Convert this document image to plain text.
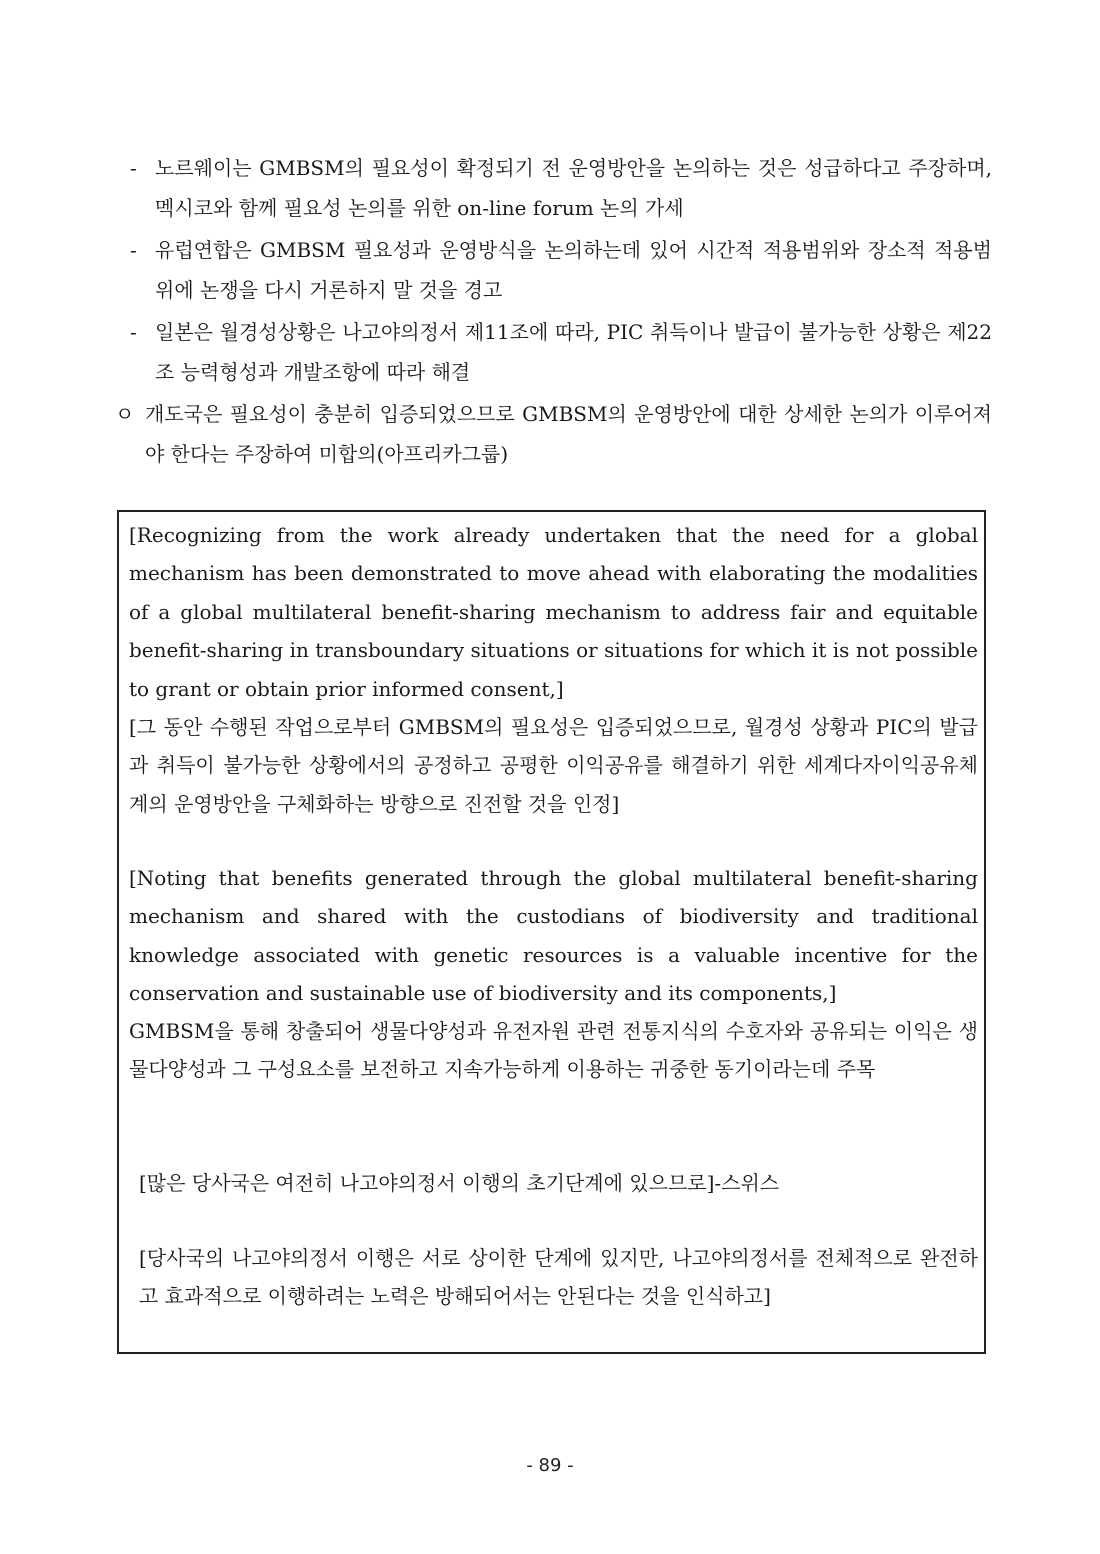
- 노르웨이는 GMBSM의 필요성이 확정되기 전 운영방안을 논의하는 것은 성급하다고 주장하며, 멕시코와 함께 필요성 논의를 위한 on-line forum 논의 가세
- 유럽연합은 GMBSM 필요성과 운영방식을 논의하는데 있어 시간적 적용범위와 장소적 적용범위에 논쟁을 다시 거론하지 말 것을 경고
- 일본은 월경성상황은 나고야의정서 제11조에 따라, PIC 취득이나 발급이 불가능한 상황은 제22조 능력형성과 개발조항에 따라 해결
ㅇ 개도국은 필요성이 충분히 입증되었으므로 GMBSM의 운영방안에 대한 상세한 논의가 이루어져야 한다는 주장하여 미합의(아프리카그룹)
[Recognizing from the work already undertaken that the need for a global mechanism has been demonstrated to move ahead with elaborating the modalities of a global multilateral benefit-sharing mechanism to address fair and equitable benefit-sharing in transboundary situations or situations for which it is not possible to grant or obtain prior informed consent,]
[그 동안 수행된 작업으로부터 GMBSM의 필요성은 입증되었으므로, 월경성 상황과 PIC의 발급과 취득이 불가능한 상황에서의 공정하고 공평한 이익공유를 해결하기 위한 세계다자이익공유체계의 운영방안을 구체화하는 방향으로 진전할 것을 인정]
[Noting that benefits generated through the global multilateral benefit-sharing mechanism and shared with the custodians of biodiversity and traditional knowledge associated with genetic resources is a valuable incentive for the conservation and sustainable use of biodiversity and its components,]
GMBSM을 통해 창출되어 생물다양성과 유전자원 관련 전통지식의 수호자와 공유되는 이익은 생물다양성과 그 구성요소를 보전하고 지속가능하게 이용하는 귀중한 동기이라는데 주목
[많은 당사국은 여전히 나고야의정서 이행의 초기단계에 있으므로]-스위스
[당사국의 나고야의정서 이행은 서로 상이한 단계에 있지만, 나고야의정서를 전체적으로 완전하고 효과적으로 이행하려는 노력은 방해되어서는 안된다는 것을 인식하고]
- 89 -
